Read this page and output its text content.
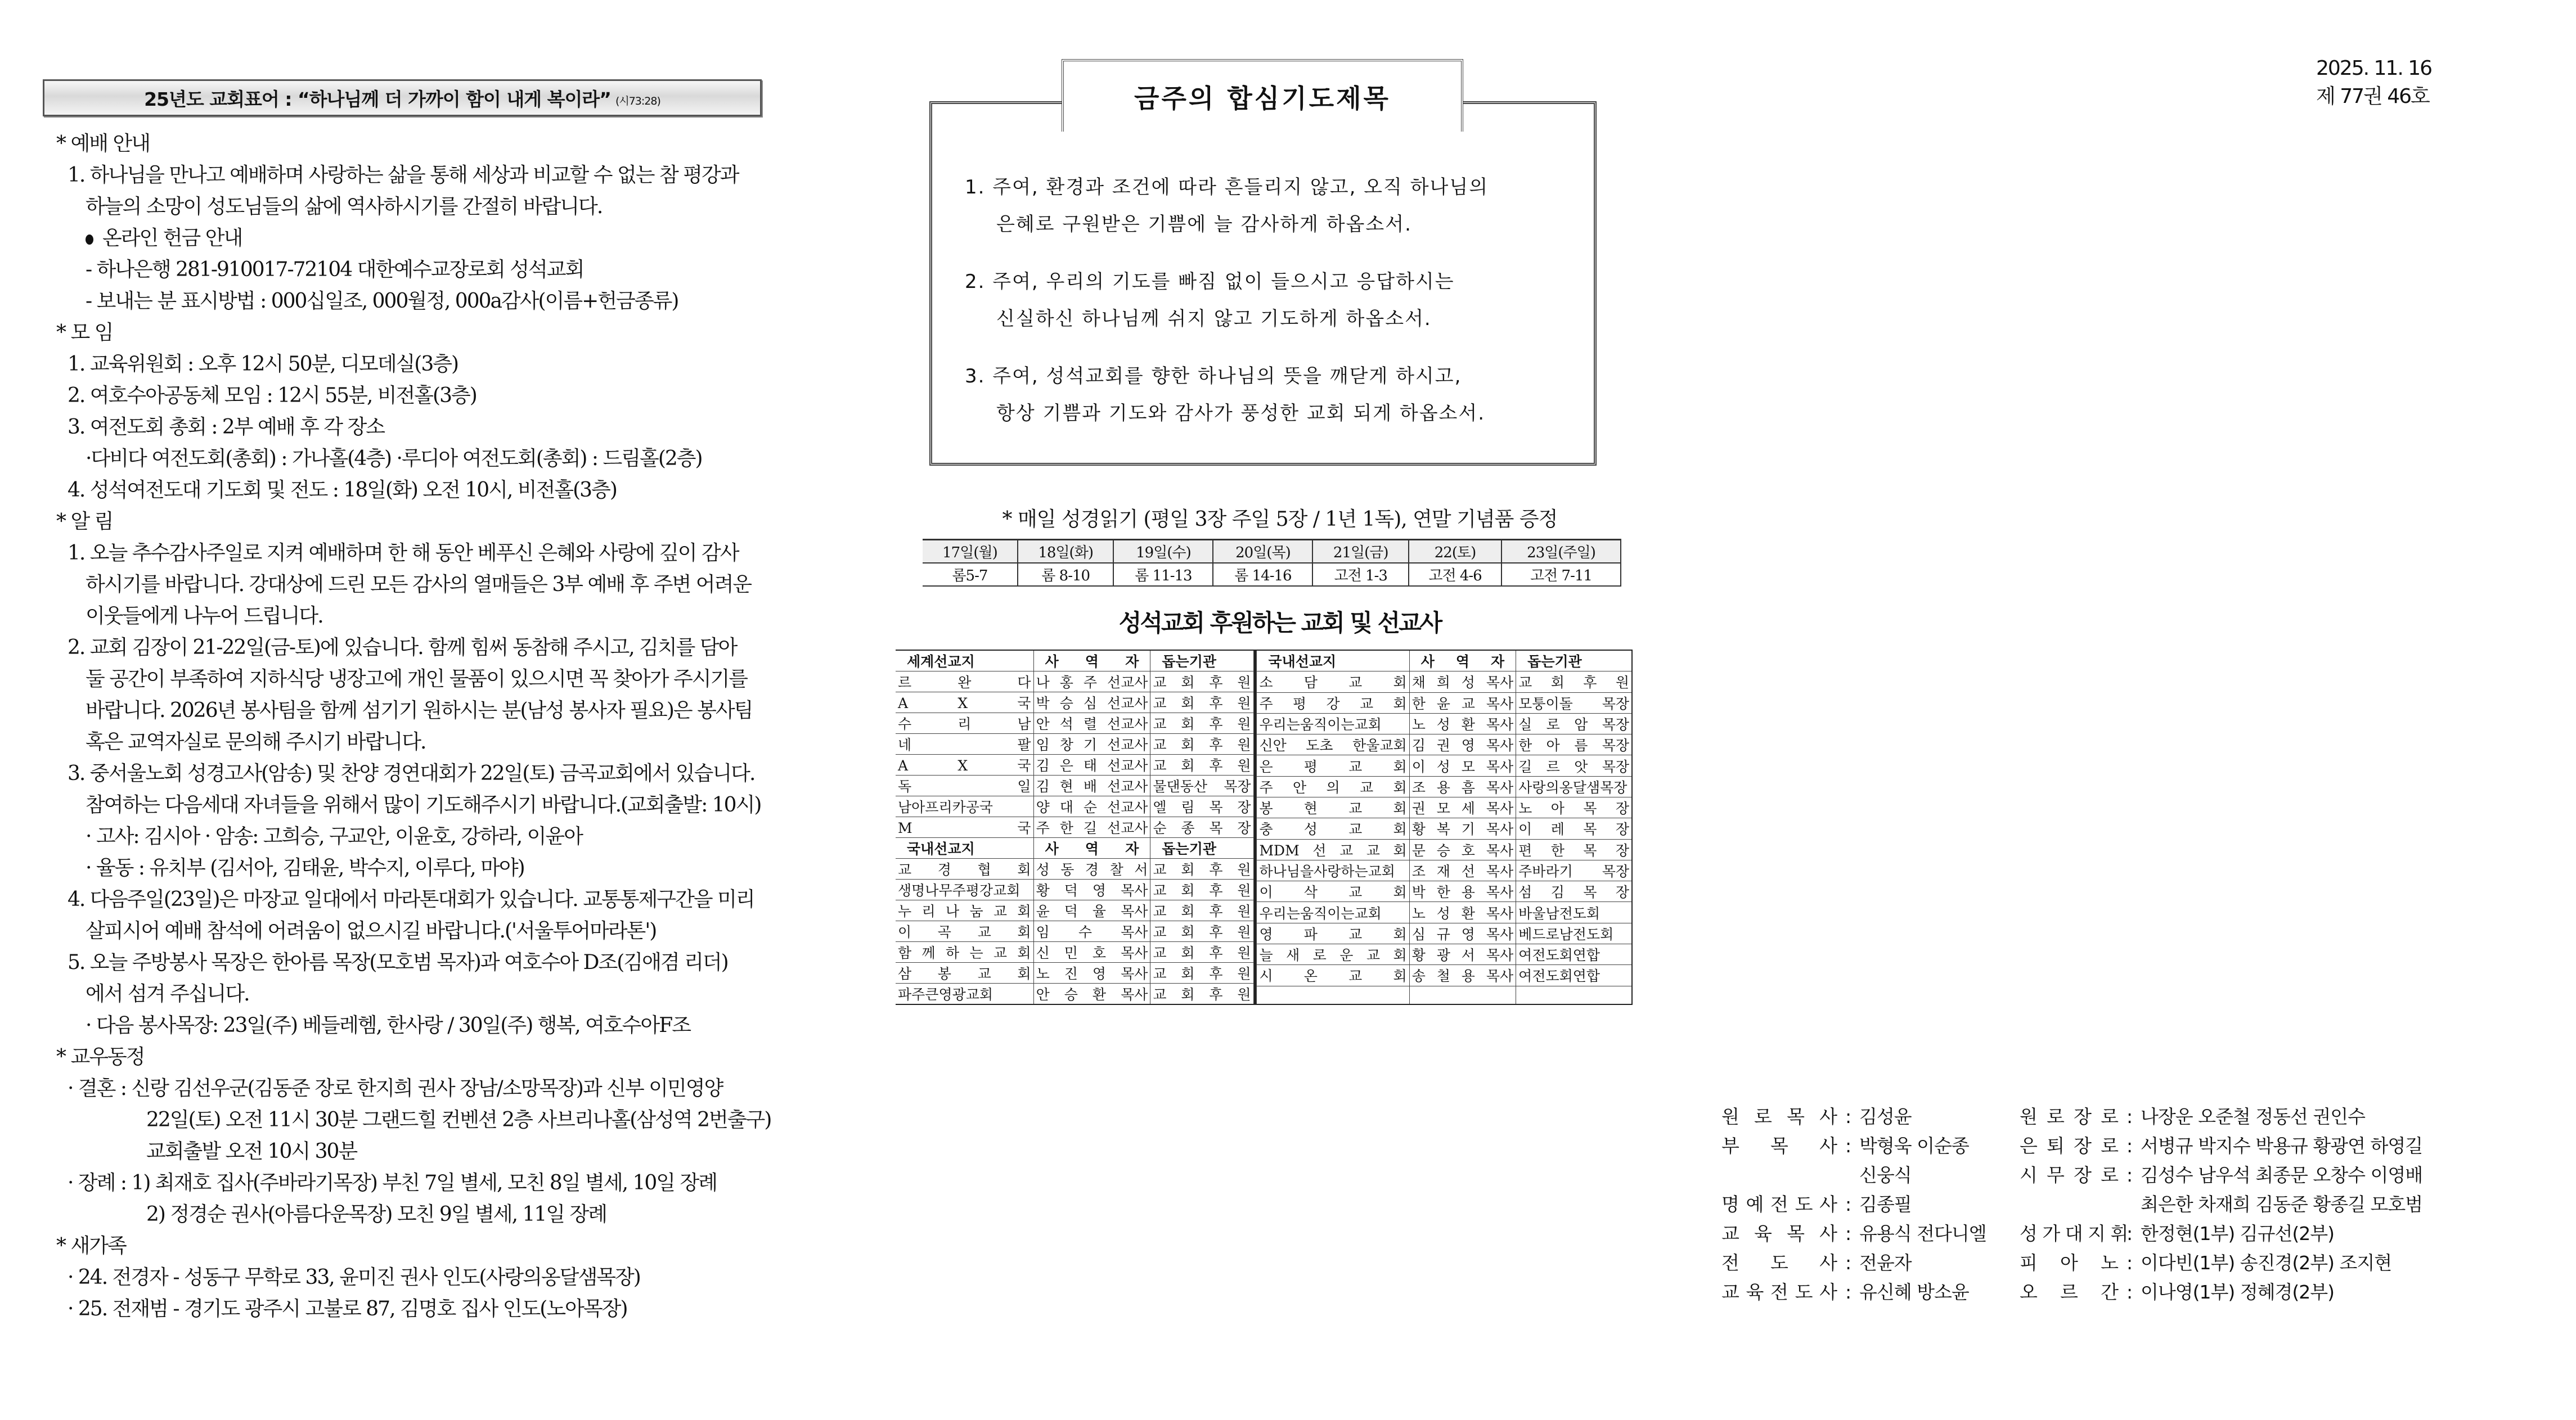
25년도 교회표어 : “하나님께 더 가까이 함이 내게 복이라” (시73:28)
* 예배 안내
1. 하나님을 만나고 예배하며 사랑하는 삶을 통해 세상과 비교할 수 없는 참 평강과
하늘의 소망이 성도님들의 삶에 역사하시기를 간절히 바랍니다.
온라인 헌금 안내
- 하나은행 281-910017-72104 대한예수교장로회 성석교회
- 보내는 분 표시방법 : 000십일조, 000월정, 000a감사(이름+헌금종류)
* 모 임
1. 교육위원회 : 오후 12시 50분, 디모데실(3층)
2. 여호수아공동체 모임 : 12시 55분, 비전홀(3층)
3. 여전도회 총회 : 2부 예배 후 각 장소
·다비다 여전도회(총회) : 가나홀(4층) ·루디아 여전도회(총회) : 드림홀(2층)
4. 성석여전도대 기도회 및 전도 : 18일(화) 오전 10시, 비전홀(3층)
* 알 림
1. 오늘 추수감사주일로 지켜 예배하며 한 해 동안 베푸신 은혜와 사랑에 깊이 감사
하시기를 바랍니다. 강대상에 드린 모든 감사의 열매들은 3부 예배 후 주변 어려운
이웃들에게 나누어 드립니다.
2. 교회 김장이 21-22일(금-토)에 있습니다. 함께 힘써 동참해 주시고, 김치를 담아
둘 공간이 부족하여 지하식당 냉장고에 개인 물품이 있으시면 꼭 찾아가 주시기를
바랍니다. 2026년 봉사팀을 함께 섬기기 원하시는 분(남성 봉사자 필요)은 봉사팀
혹은 교역자실로 문의해 주시기 바랍니다.
3. 중서울노회 성경고사(암송) 및 찬양 경연대회가 22일(토) 금곡교회에서 있습니다.
참여하는 다음세대 자녀들을 위해서 많이 기도해주시기 바랍니다.(교회출발: 10시)
· 고사: 김시아 · 암송: 고희승, 구교안, 이윤호, 강하라, 이윤아
· 율동 : 유치부 (김서아, 김태윤, 박수지, 이루다, 마야)
4. 다음주일(23일)은 마장교 일대에서 마라톤대회가 있습니다. 교통통제구간을 미리
살피시어 예배 참석에 어려움이 없으시길 바랍니다.('서울투어마라톤')
5. 오늘 주방봉사 목장은 한아름 목장(모호범 목자)과 여호수아 D조(김애겸 리더)
에서 섬겨 주십니다.
· 다음 봉사목장: 23일(주) 베들레헴, 한사랑 / 30일(주) 행복, 여호수아F조
* 교우동정
· 결혼 : 신랑 김선우군(김동준 장로 한지희 권사 장남/소망목장)과 신부 이민영양
22일(토) 오전 11시 30분 그랜드힐 컨벤션 2층 사브리나홀(삼성역 2번출구)
교회출발 오전 10시 30분
· 장례 : 1) 최재호 집사(주바라기목장) 부친 7일 별세, 모친 8일 별세, 10일 장례
2) 정경순 권사(아름다운목장) 모친 9일 별세, 11일 장례
* 새가족
· 24. 전경자 - 성동구 무학로 33, 윤미진 권사 인도(사랑의옹달샘목장)
· 25. 전재범 - 경기도 광주시 고불로 87, 김명호 집사 인도(노아목장)
금주의 합심기도제목
1. 주여, 환경과 조건에 따라 흔들리지 않고, 오직 하나님의
은혜로 구원받은 기쁨에 늘 감사하게 하옵소서.
2. 주여, 우리의 기도를 빠짐 없이 들으시고 응답하시는
신실하신 하나님께 쉬지 않고 기도하게 하옵소서.
3. 주여, 성석교회를 향한 하나님의 뜻을 깨닫게 하시고,
항상 기쁨과 기도와 감사가 풍성한 교회 되게 하옵소서.
* 매일 성경읽기 (평일 3장 주일 5장 / 1년 1독), 연말 기념품 증정
17일(월)	18일(화)	19일(수)	20일(목)	21일(금)	22(토)	23일(주일)
롬5-7	롬 8-10	롬 11-13	롬 14-16	고전 1-3	고전 4-6	고전 7-11
성석교회 후원하는 교회 및 선교사
세계선교지	사 역 자	돕는기관
르 완 다	나 홍 주 선교사	교 회 후 원
A X 국	박 승 심 선교사	교 회 후 원
수 리 남	안 석 렬 선교사	교 회 후 원
네 팔	임 창 기 선교사	교 회 후 원
A X 국	김 은 태 선교사	교 회 후 원
독 일	김 현 배 선교사	물댄동산 목장
남아프리카공국	양 대 순 선교사	엘 림 목 장
M 국	주 한 길 선교사	순 종 목 장
국내선교지	사 역 자	돕는기관
교 경 협 회	성 동 경 찰 서	교 회 후 원
생명나무주평강교회	황 덕 영 목사	교 회 후 원
누 리 나 눔 교 회	윤 덕 율 목사	교 회 후 원
이 곡 교 회	임 수 목사	교 회 후 원
함 께 하 는 교 회	신 민 호 목사	교 회 후 원
삼 봉 교 회	노 진 영 목사	교 회 후 원
파주큰영광교회	안 승 환 목사	교 회 후 원
국내선교지	사 역 자	돕는기관
소 담 교 회	채 희 성 목사	교 회 후 원
주 평 강 교 회	한 윤 교 목사	모퉁이돌 목장
우리는움직이는교회	노 성 환 목사	실 로 암 목장
신안 도초 한울교회	김 권 영 목사	한 아 름 목장
은 평 교 회	이 성 모 목사	길 르 앗 목장
주 안 의 교 회	조 용 흠 목사	사랑의옹달샘목장
봉 현 교 회	권 모 세 목사	노 아 목 장
충 성 교 회	황 복 기 목사	이 레 목 장
MDM 선 교 교 회	문 승 호 목사	편 한 목 장
하나님을사랑하는교회	조 재 선 목사	주바라기 목장
이 삭 교 회	박 한 용 목사	섬 김 목 장
우리는움직이는교회	노 성 환 목사	바울남전도회
영 파 교 회	심 규 영 목사	베드로남전도회
늘 새 로 운 교 회	황 광 서 목사	여전도회연합
시 온 교 회	송 철 용 목사	여전도회연합

2025. 11. 16
제 77권 46호
원 로 목 사 : 김성윤
부 목 사 : 박형욱 이순종
신웅식
명 예 전 도 사 : 김종필
교 육 목 사 : 유용식 전다니엘
전 도 사 : 전윤자
교 육 전 도 사 : 유신혜 방소윤
원 로 장 로 : 나장운 오준철 정동선 권인수
은 퇴 장 로 : 서병규 박지수 박용규 황광연 하영길
시 무 장 로 : 김성수 남우석 최종문 오창수 이영배
최은한 차재희 김동준 황종길 모호범
성 가 대 지 휘
: 한정현(1부) 김규선(2부)
피 아 노 : 이다빈(1부) 송진경(2부) 조지현
오 르 간 : 이나영(1부) 정혜경(2부)
